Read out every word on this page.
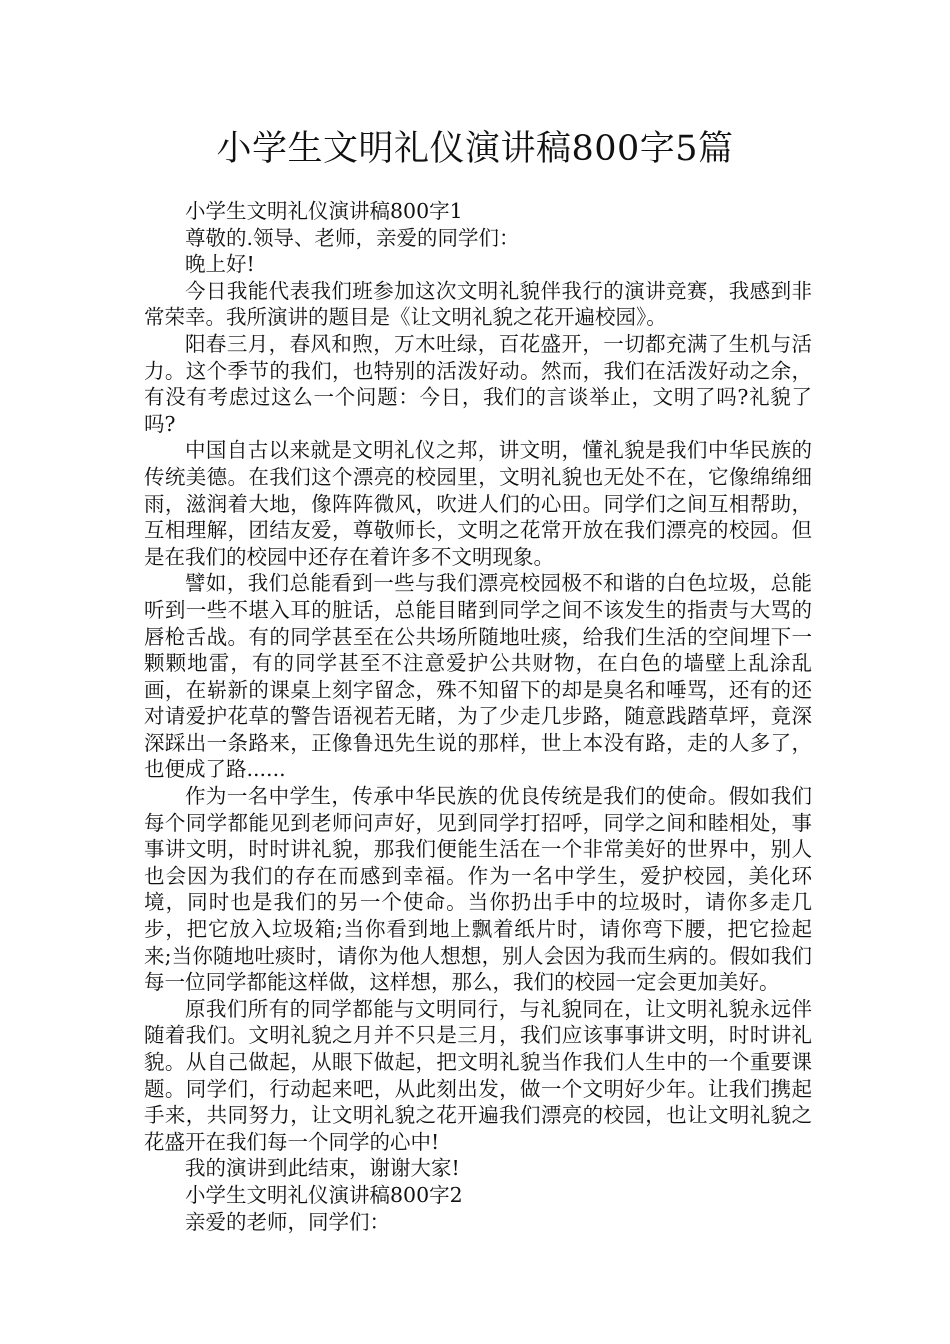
小学生文明礼仪演讲稿800字5篇

小学生文明礼仪演讲稿800字1

尊敬的.领导、老师，亲爱的同学们：

晚上好!

今日我能代表我们班参加这次文明礼貌伴我行的演讲竞赛，我感到非常荣幸。我所演讲的题目是《让文明礼貌之花开遍校园》。

阳春三月，春风和煦，万木吐绿，百花盛开，一切都充满了生机与活力。这个季节的我们，也特别的活泼好动。然而，我们在活泼好动之余，有没有考虑过这么一个问题：今日，我们的言谈举止，文明了吗?礼貌了吗?

中国自古以来就是文明礼仪之邦，讲文明，懂礼貌是我们中华民族的传统美德。在我们这个漂亮的校园里，文明礼貌也无处不在，它像绵绵细雨，滋润着大地，像阵阵微风，吹进人们的心田。同学们之间互相帮助，互相理解，团结友爱，尊敬师长，文明之花常开放在我们漂亮的校园。但是在我们的校园中还存在着许多不文明现象。

譬如，我们总能看到一些与我们漂亮校园极不和谐的白色垃圾，总能听到一些不堪入耳的脏话，总能目睹到同学之间不该发生的指责与大骂的唇枪舌战。有的同学甚至在公共场所随地吐痰，给我们生活的空间埋下一颗颗地雷，有的同学甚至不注意爱护公共财物，在白色的墙壁上乱涂乱画，在崭新的课桌上刻字留念，殊不知留下的却是臭名和唾骂，还有的还对请爱护花草的警告语视若无睹，为了少走几步路，随意践踏草坪，竟深深踩出一条路来，正像鲁迅先生说的那样，世上本没有路，走的人多了，也便成了路......

作为一名中学生，传承中华民族的优良传统是我们的使命。假如我们每个同学都能见到老师问声好，见到同学打招呼，同学之间和睦相处，事事讲文明，时时讲礼貌，那我们便能生活在一个非常美好的世界中，别人也会因为我们的存在而感到幸福。作为一名中学生，爱护校园，美化环境，同时也是我们的另一个使命。当你扔出手中的垃圾时，请你多走几步，把它放入垃圾箱;当你看到地上飘着纸片时，请你弯下腰，把它捡起来;当你随地吐痰时，请你为他人想想，别人会因为我而生病的。假如我们每一位同学都能这样做，这样想，那么，我们的校园一定会更加美好。

原我们所有的同学都能与文明同行，与礼貌同在，让文明礼貌永远伴随着我们。文明礼貌之月并不只是三月，我们应该事事讲文明，时时讲礼貌。从自己做起，从眼下做起，把文明礼貌当作我们人生中的一个重要课题。同学们，行动起来吧，从此刻出发，做一个文明好少年。让我们携起手来，共同努力，让文明礼貌之花开遍我们漂亮的校园，也让文明礼貌之花盛开在我们每一个同学的心中!

我的演讲到此结束，谢谢大家!

小学生文明礼仪演讲稿800字2

亲爱的老师，同学们：
